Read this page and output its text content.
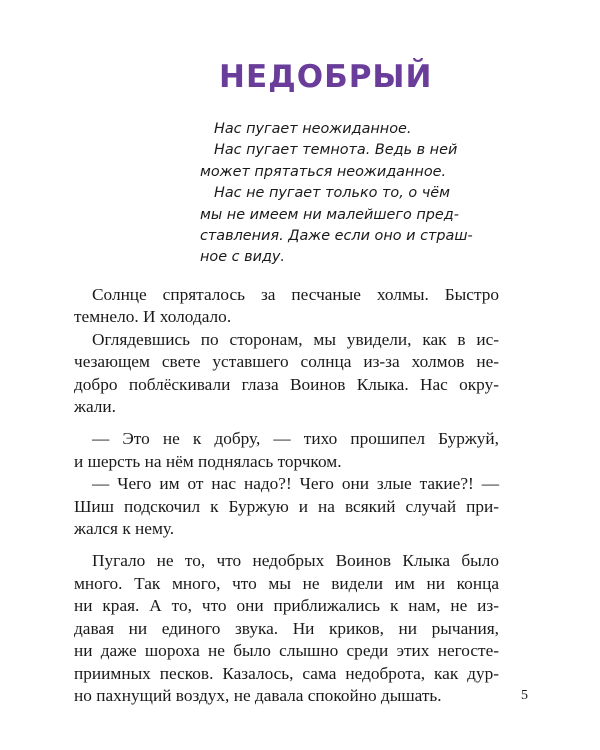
НЕДОБРЫЙ
Нас пугает неожиданное.
Нас пугает темнота. Ведь в ней
может прятаться неожиданное.
Нас не пугает только то, о чём
мы не имеем ни малейшего пред-
ставления. Даже если оно и страш-
ное с виду.

Солнце спряталось за песчаные холмы. Быстро
темнело. И холодало.

Оглядевшись по сторонам, мы увидели, как в ис-
чезающем свете уставшего солнца из-за холмов не-
добро поблёскивали глаза Воинов Клыка. Нас окру-
жали.

— Это не к добру, — тихо прошипел Буржуй,
и шерсть на нём поднялась торчком.

— Чего им от нас надо?! Чего они злые такие?! —
Шиш подскочил к Буржую и на всякий случай при-
жался к нему.

Пугало не то, что недобрых Воинов Клыка было
много. Так много, что мы не видели им ни конца
ни края. А то, что они приближались к нам, не из-
давая ни единого звука. Ни криков, ни рычания,
ни даже шороха не было слышно среди этих негосте-
приимных песков. Казалось, сама недоброта, как дур-
но пахнущий воздух, не давала спокойно дышать.	5
